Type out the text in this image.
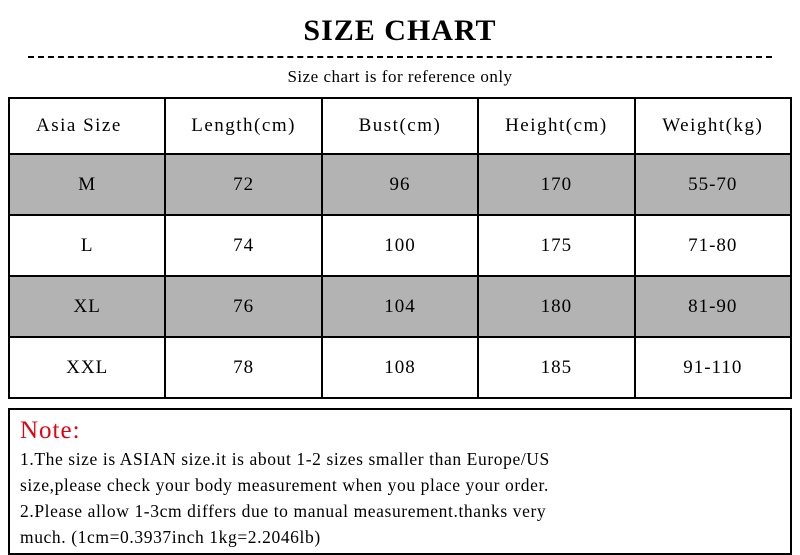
SIZE CHART
Size chart is for reference only
Asia Size	Length(cm)	Bust(cm)	Height(cm)	Weight(kg)
M	72	96	170	55-70
L	74	100	175	71-80
XL	76	104	180	81-90
XXL	78	108	185	91-110
Note:
1.The size is ASIAN size.it is about 1-2 sizes smaller than Europe/US
size,please check your body measurement when you place your order.
2.Please allow 1-3cm differs due to manual measurement.thanks very
much. (1cm=0.3937inch 1kg=2.2046lb)
